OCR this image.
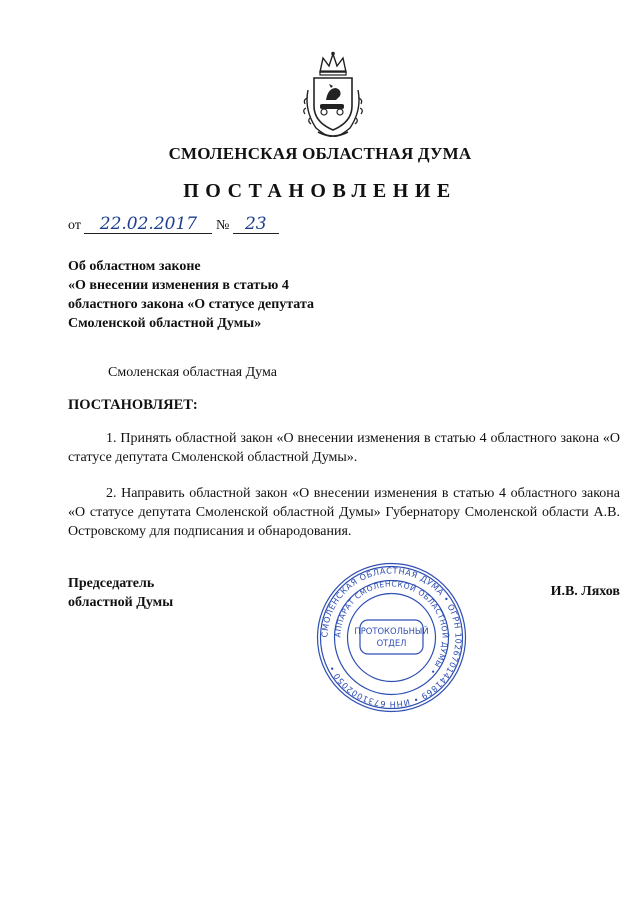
СМОЛЕНСКАЯ ОБЛАСТНАЯ ДУМА
ПОСТАНОВЛЕНИЕ
от 22.02.2017 № 23
Об областном законе
«О внесении изменения в статью 4
областного закона «О статусе депутата
Смоленской областной Думы»
Смоленская областная Дума
ПОСТАНОВЛЯЕТ:
1. Принять областной закон «О внесении изменения в статью 4 областного закона «О статусе депутата Смоленской областной Думы».
2. Направить областной закон «О внесении изменения в статью 4 областного закона «О статусе депутата Смоленской областной Думы» Губернатору Смоленской области А.В. Островскому для подписания и обнародования.
Председатель
областной Думы
И.В. Ляхов
СМОЛЕНСКАЯ ОБЛАСТНАЯ ДУМА • ОГРН 1026701441869 • ИНН 6731002050 •
АППАРАТ СМОЛЕНСКОЙ ОБЛАСТНОЙ ДУМЫ •
ПРОТОКОЛЬНЫЙ
ОТДЕЛ
